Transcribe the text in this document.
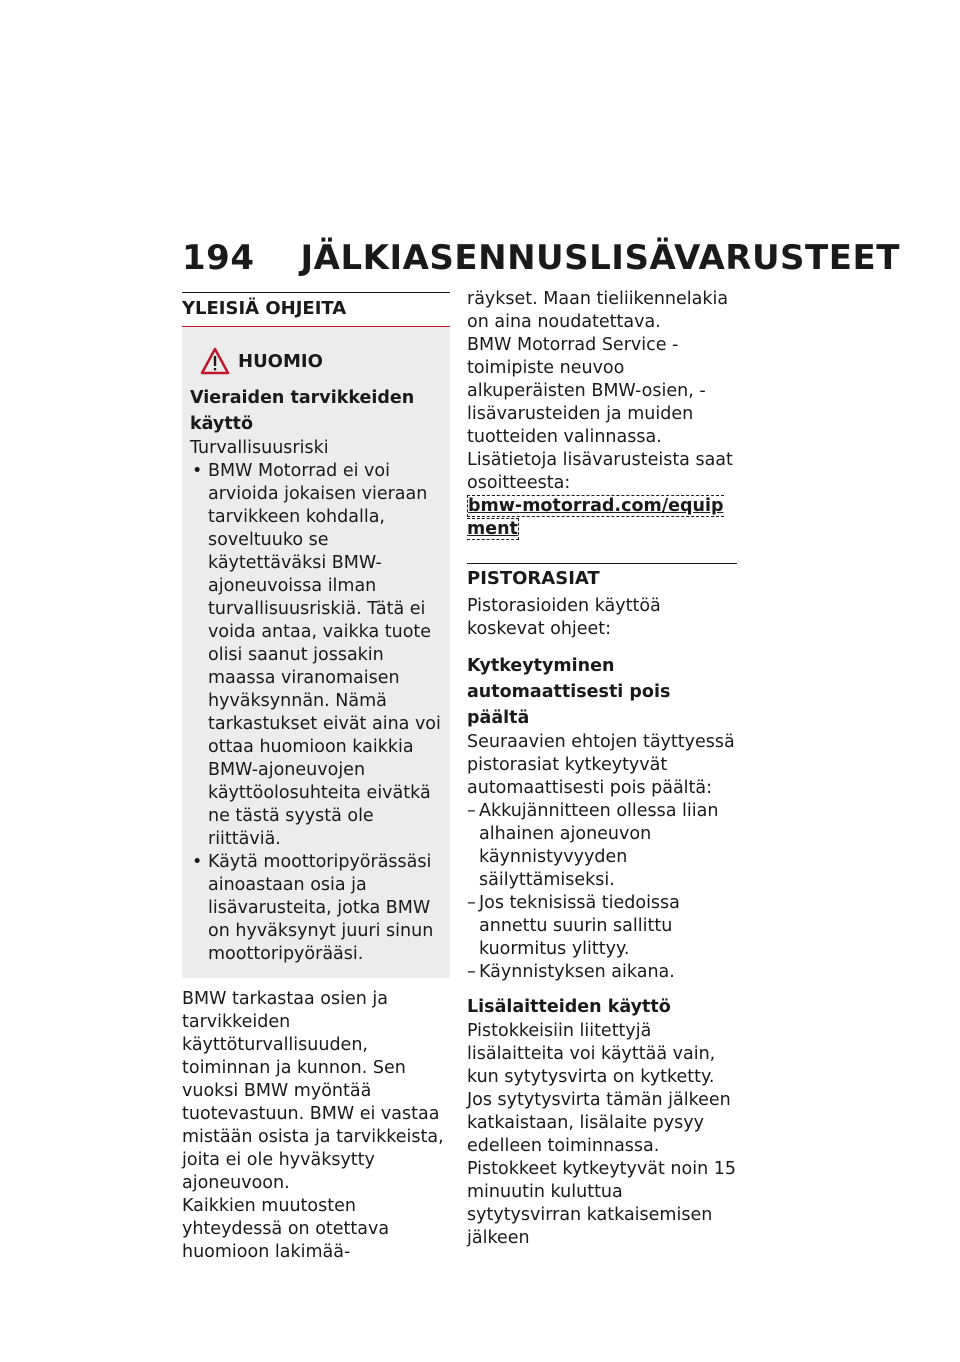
194 JÄLKIASENNUSLISÄVARUSTEET
YLEISIÄ OHJEITA
HUOMIO

Vieraiden tarvikkeiden käyttö

Turvallisuusriski

• BMW Motorrad ei voi arvioida jokaisen vieraan tarvikkeen kohdalla, soveltuuko se käytettäväksi BMW-ajoneuvoissa ilman turvallisuusriskiä. Tätä ei voida antaa, vaikka tuote olisi saanut jossakin maassa viranomaisen hyväksynnän. Nämä tarkastukset eivät aina voi ottaa huomioon kaikkia BMW-ajoneuvojen käyttöolosuhteita eivätkä ne tästä syystä ole riittäviä.
• Käytä moottoripyörässäsi ainoastaan osia ja lisävarusteita, jotka BMW on hyväksynyt juuri sinun moottoripyörääsi.

BMW tarkastaa osien ja tarvikkeiden käyttöturvallisuuden, toiminnan ja kunnon. Sen vuoksi BMW myöntää tuotevastuun. BMW ei vastaa mistään osista ja tarvikkeista, joita ei ole hyväksytty ajoneuvoon.

Kaikkien muutosten yhteydessä on otettava huomioon lakimää-

räykset. Maan tieliikennelakia on aina noudatettava.

BMW Motorrad Service -toimipiste neuvoo alkuperäisten BMW-osien, -lisävarusteiden ja muiden tuotteiden valinnassa.

Lisätietoja lisävarusteista saat osoitteesta:

bmw-motorrad.com/equipment

PISTORASIAT

Pistorasioiden käyttöä koskevat ohjeet:

Kytkeytyminen automaattisesti pois päältä

Seuraavien ehtojen täyttyessä pistorasiat kytkeytyvät automaattisesti pois päältä:

– Akkujännitteen ollessa liian alhainen ajoneuvon käynnistyvyyden säilyttämiseksi.
– Jos teknisissä tiedoissa annettu suurin sallittu kuormitus ylittyy.
– Käynnistyksen aikana.

Lisälaitteiden käyttö

Pistokkeisiin liitettyjä lisälaitteita voi käyttää vain, kun sytytysvirta on kytketty. Jos sytytysvirta tämän jälkeen katkaistaan, lisälaite pysyy edelleen toiminnassa. Pistokkeet kytkeytyvät noin 15 minuutin kuluttua sytytysvirran katkaisemisen jälkeen
